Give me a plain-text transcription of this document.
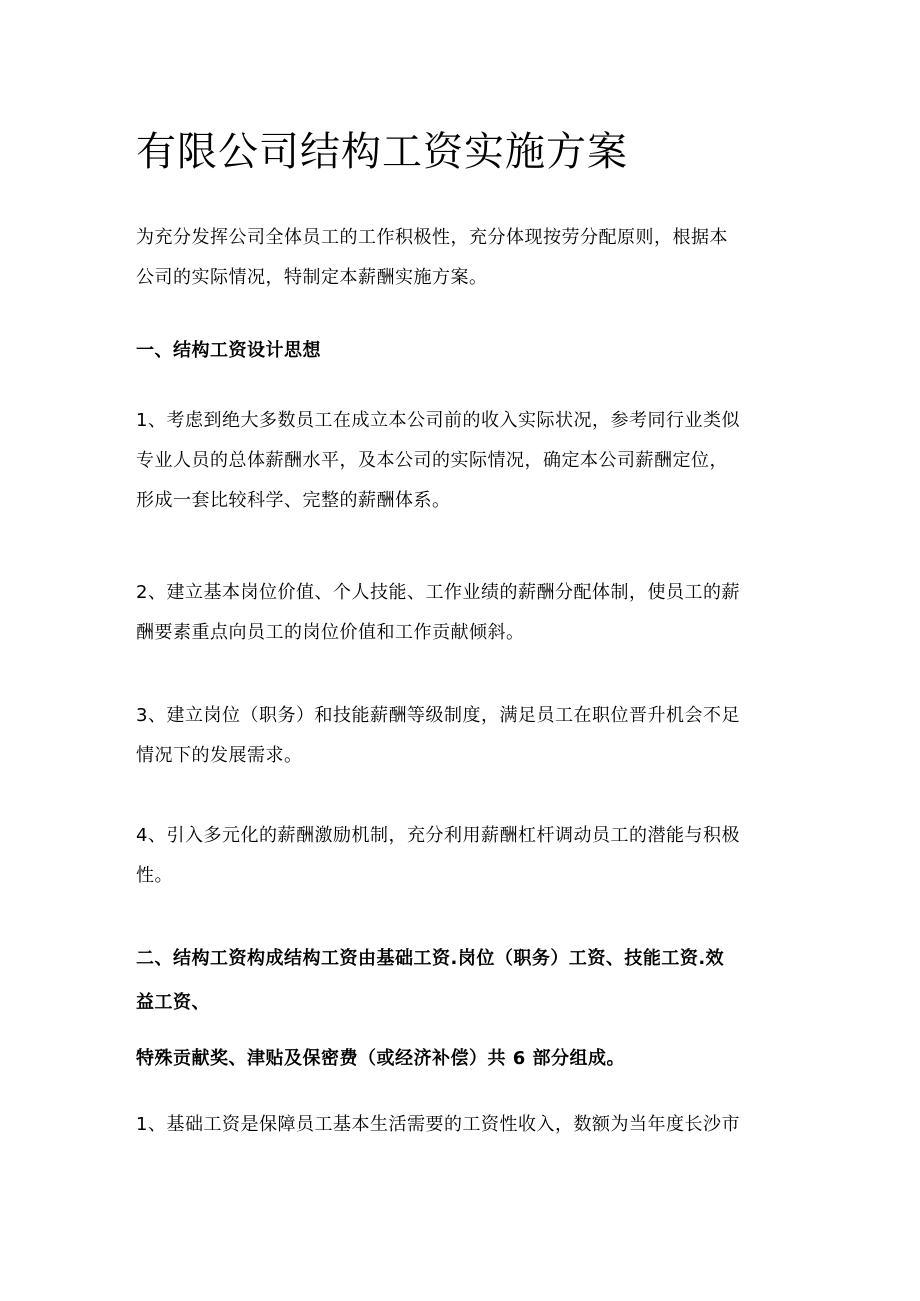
有限公司结构工资实施方案

为充分发挥公司全体员工的工作积极性，充分体现按劳分配原则，根据本
公司的实际情况，特制定本薪酬实施方案。

一、结构工资设计思想

1、考虑到绝大多数员工在成立本公司前的收入实际状况，参考同行业类似
专业人员的总体薪酬水平，及本公司的实际情况，确定本公司薪酬定位，
形成一套比较科学、完整的薪酬体系。

2、建立基本岗位价值、个人技能、工作业绩的薪酬分配体制，使员工的薪
酬要素重点向员工的岗位价值和工作贡献倾斜。

3、建立岗位（职务）和技能薪酬等级制度，满足员工在职位晋升机会不足
情况下的发展需求。

4、引入多元化的薪酬激励机制，充分利用薪酬杠杆调动员工的潜能与积极
性。

二、结构工资构成结构工资由基础工资.岗位（职务）工资、技能工资.效
益工资、

特殊贡献奖、津贴及保密费（或经济补偿）共 6 部分组成。

1、基础工资是保障员工基本生活需要的工资性收入，数额为当年度长沙市
